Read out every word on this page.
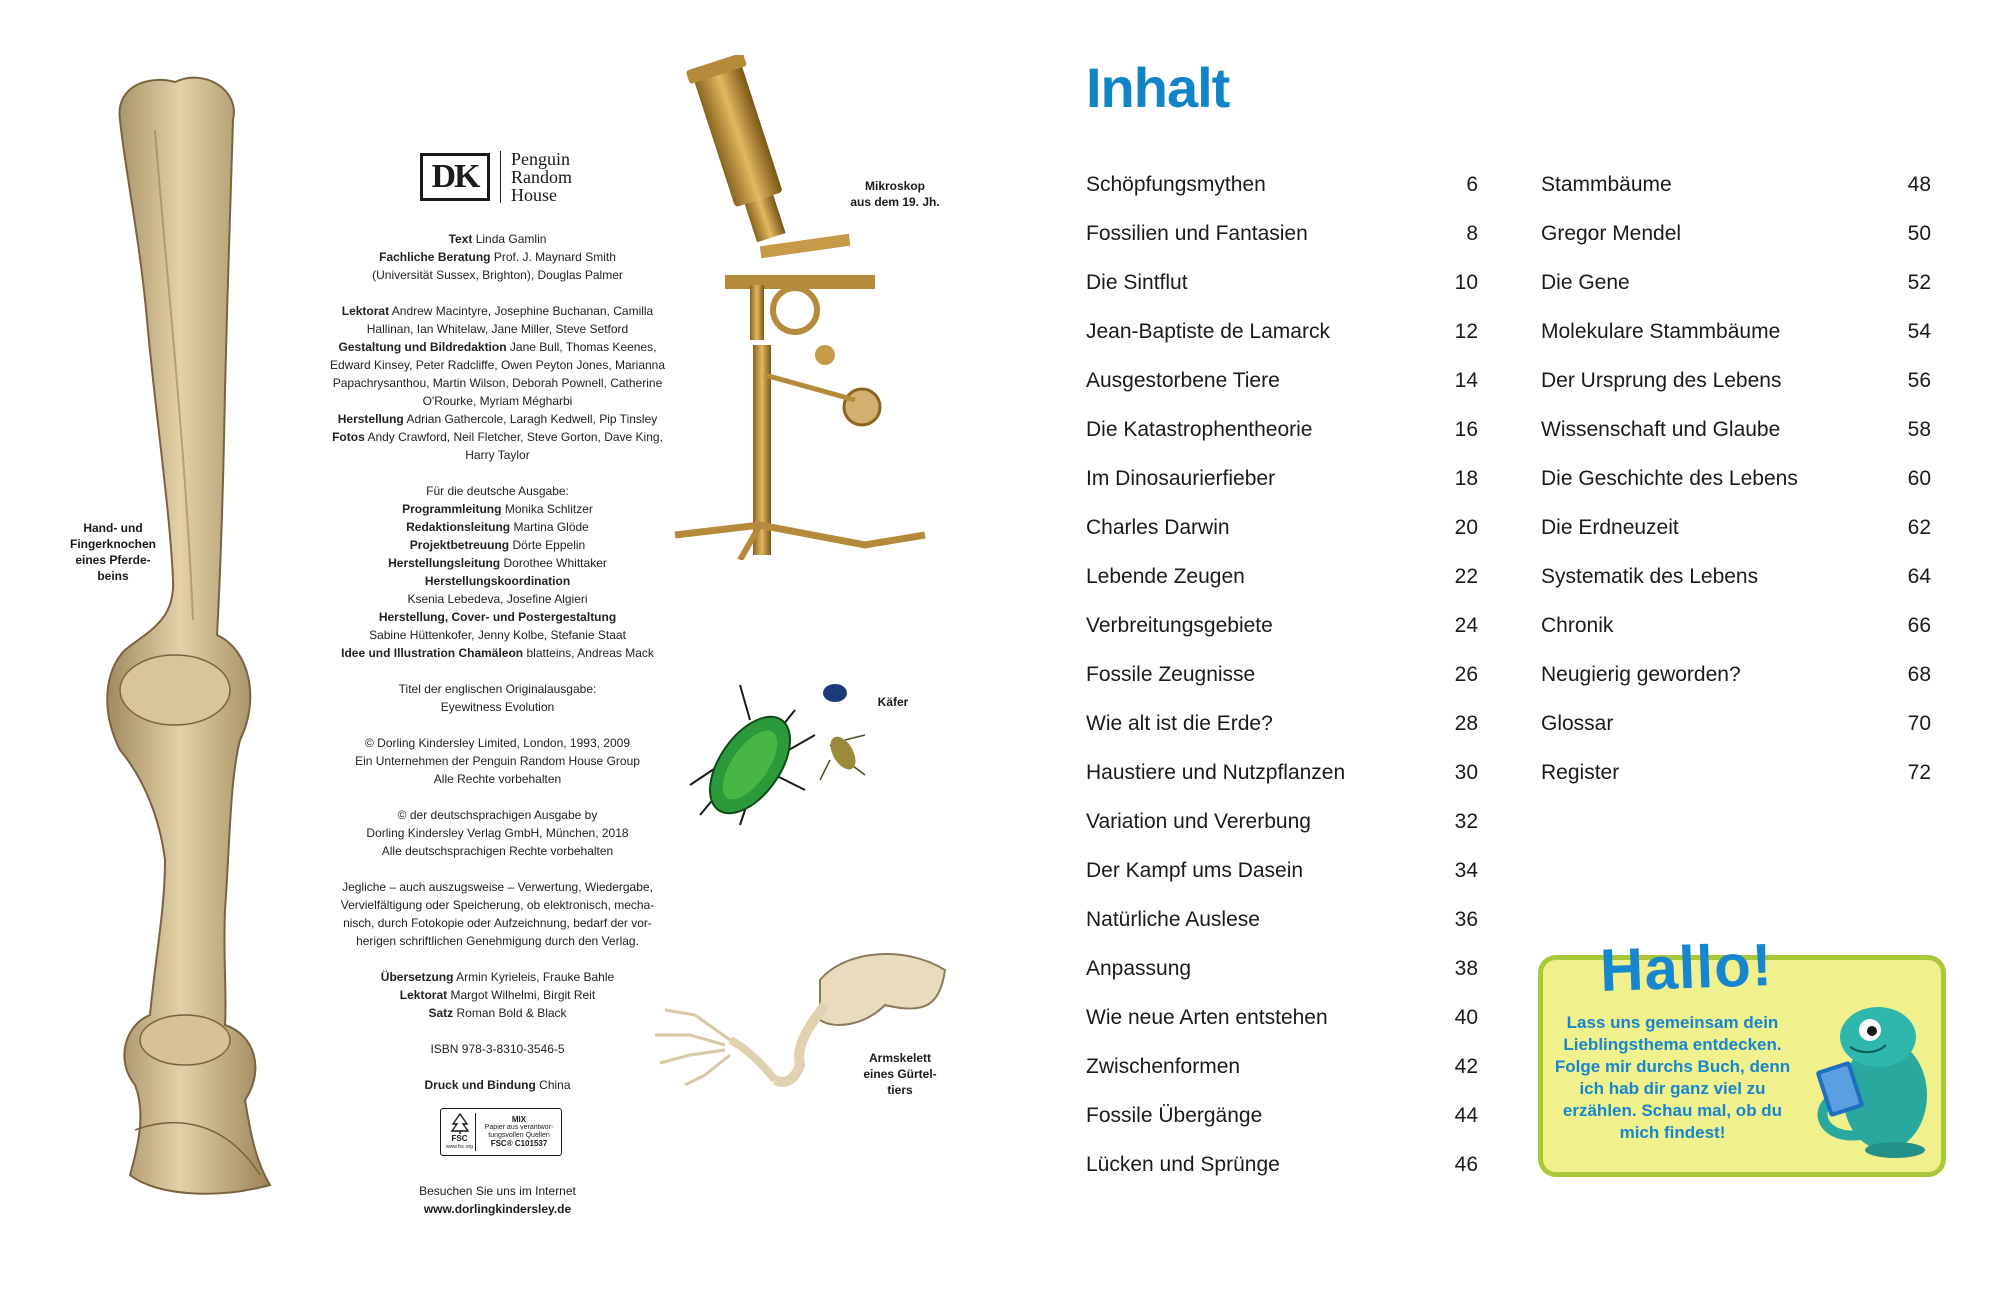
Hand- und
Fingerknochen
eines Pferde-
beins
DK	Penguin
Random
House

Text Linda Gamlin
Fachliche Beratung Prof. J. Maynard Smith
(Universität Sussex, Brighton), Douglas Palmer

Lektorat Andrew Macintyre, Josephine Buchanan, Camilla Hallinan, Ian Whitelaw, Jane Miller, Steve Setford
Gestaltung und Bildredaktion Jane Bull, Thomas Keenes, Edward Kinsey, Peter Radcliffe, Owen Peyton Jones, Marianna Papachrysanthou, Martin Wilson, Deborah Pownell, Catherine O'Rourke, Myriam Mégharbi
Herstellung Adrian Gathercole, Laragh Kedwell, Pip Tinsley
Fotos Andy Crawford, Neil Fletcher, Steve Gorton, Dave King, Harry Taylor

Für die deutsche Ausgabe:
Programmleitung Monika Schlitzer
Redaktionsleitung Martina Glöde
Projektbetreuung Dörte Eppelin
Herstellungsleitung Dorothee Whittaker
Herstellungskoordination
Ksenia Lebedeva, Josefine Algieri
Herstellung, Cover- und Postergestaltung
Sabine Hüttenkofer, Jenny Kolbe, Stefanie Staat
Idee und Illustration Chamäleon blatteins, Andreas Mack

Titel der englischen Originalausgabe:
Eyewitness Evolution

© Dorling Kindersley Limited, London, 1993, 2009
Ein Unternehmen der Penguin Random House Group
Alle Rechte vorbehalten

© der deutschsprachigen Ausgabe by
Dorling Kindersley Verlag GmbH, München, 2018
Alle deutschsprachigen Rechte vorbehalten

Jegliche – auch auszugsweise – Verwertung, Wiedergabe,
Vervielfältigung oder Speicherung, ob elektronisch, mecha-
nisch, durch Fotokopie oder Aufzeichnung, bedarf der vor-
herigen schriftlichen Genehmigung durch den Verlag.

Übersetzung Armin Kyrieleis, Frauke Bahle
Lektorat Margot Wilhelmi, Birgit Reit
Satz Roman Bold & Black

ISBN 978-3-8310-3546-5

Druck und Bindung China

FSC
www.fsc.org
MIX
Papier aus verantwor-
tungsvollen Quellen
FSC® C101537
Besuchen Sie uns im Internet
www.dorlingkindersley.de
Mikroskop
aus dem 19. Jh.
Käfer
Armskelett
eines Gürtel-
tiers
Inhalt
Schöpfungsmythen	6
Fossilien und Fantasien	8
Die Sintflut	10
Jean-Baptiste de Lamarck	12
Ausgestorbene Tiere	14
Die Katastrophentheorie	16
Im Dinosaurierfieber	18
Charles Darwin	20
Lebende Zeugen	22
Verbreitungsgebiete	24
Fossile Zeugnisse	26
Wie alt ist die Erde?	28
Haustiere und Nutzpflanzen	30
Variation und Vererbung	32
Der Kampf ums Dasein	34
Natürliche Auslese	36
Anpassung	38
Wie neue Arten entstehen	40
Zwischenformen	42
Fossile Übergänge	44
Lücken und Sprünge	46
Stammbäume	48
Gregor Mendel	50
Die Gene	52
Molekulare Stammbäume	54
Der Ursprung des Lebens	56
Wissenschaft und Glaube	58
Die Geschichte des Lebens	60
Die Erdneuzeit	62
Systematik des Lebens	64
Chronik	66
Neugierig geworden?	68
Glossar	70
Register	72
Hallo!
Lass uns gemeinsam dein Lieblingsthema entdecken. Folge mir durchs Buch, denn ich hab dir ganz viel zu erzählen. Schau mal, ob du mich findest!
